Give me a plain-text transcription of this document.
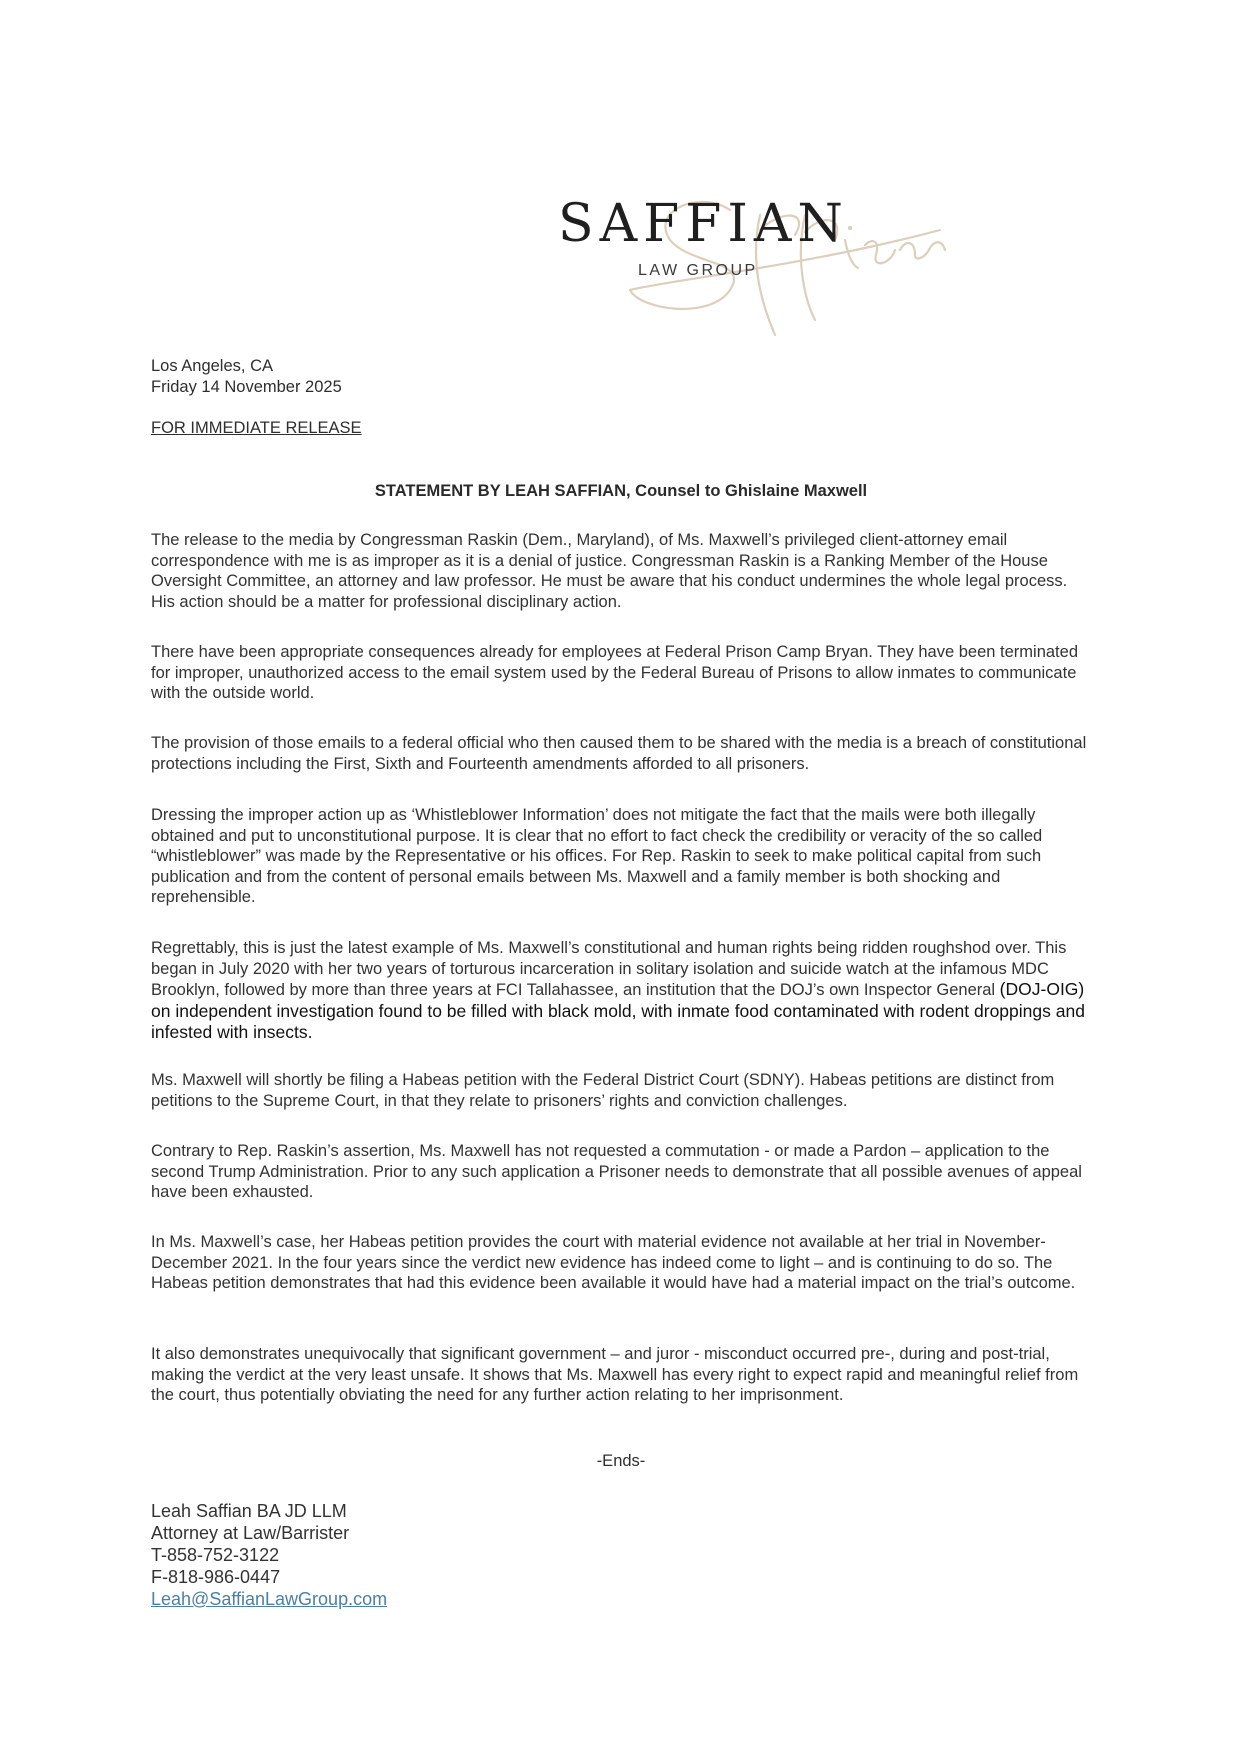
SAFFIAN
LAW GROUP
Los Angeles, CA
Friday 14 November 2025
FOR IMMEDIATE RELEASE
STATEMENT BY LEAH SAFFIAN, Counsel to Ghislaine Maxwell

The release to the media by Congressman Raskin (Dem., Maryland), of Ms. Maxwell’s privileged client-attorney email correspondence with me is as improper as it is a denial of justice. Congressman Raskin is a Ranking Member of the House Oversight Committee, an attorney and law professor. He must be aware that his conduct undermines the whole legal process. His action should be a matter for professional disciplinary action.

There have been appropriate consequences already for employees at Federal Prison Camp Bryan. They have been terminated for improper, unauthorized access to the email system used by the Federal Bureau of Prisons to allow inmates to communicate with the outside world.

The provision of those emails to a federal official who then caused them to be shared with the media is a breach of constitutional protections including the First, Sixth and Fourteenth amendments afforded to all prisoners.

Dressing the improper action up as ‘Whistleblower Information’ does not mitigate the fact that the mails were both illegally obtained and put to unconstitutional purpose. It is clear that no effort to fact check the credibility or veracity of the so called “whistleblower” was made by the Representative or his offices. For Rep. Raskin to seek to make political capital from such publication and from the content of personal emails between Ms. Maxwell and a family member is both shocking and reprehensible.

Regrettably, this is just the latest example of Ms. Maxwell’s constitutional and human rights being ridden roughshod over. This began in July 2020 with her two years of torturous incarceration in solitary isolation and suicide watch at the infamous MDC Brooklyn, followed by more than three years at FCI Tallahassee, an institution that the DOJ’s own Inspector General (DOJ-OIG) on independent investigation found to be filled with black mold, with inmate food contaminated with rodent droppings and infested with insects.

Ms. Maxwell will shortly be filing a Habeas petition with the Federal District Court (SDNY). Habeas petitions are distinct from petitions to the Supreme Court, in that they relate to prisoners’ rights and conviction challenges.

Contrary to Rep. Raskin’s assertion, Ms. Maxwell has not requested a commutation - or made a Pardon – application to the second Trump Administration. Prior to any such application a Prisoner needs to demonstrate that all possible avenues of appeal have been exhausted.

In Ms. Maxwell’s case, her Habeas petition provides the court with material evidence not available at her trial in November-December 2021. In the four years since the verdict new evidence has indeed come to light – and is continuing to do so. The Habeas petition demonstrates that had this evidence been available it would have had a material impact on the trial’s outcome.

It also demonstrates unequivocally that significant government – and juror - misconduct occurred pre-, during and post-trial, making the verdict at the very least unsafe. It shows that Ms. Maxwell has every right to expect rapid and meaningful relief from the court, thus potentially obviating the need for any further action relating to her imprisonment.

-Ends-
Leah Saffian BA JD LLM
Attorney at Law/Barrister
T-858-752-3122
F-818-986-0447
Leah@SaffianLawGroup.com
